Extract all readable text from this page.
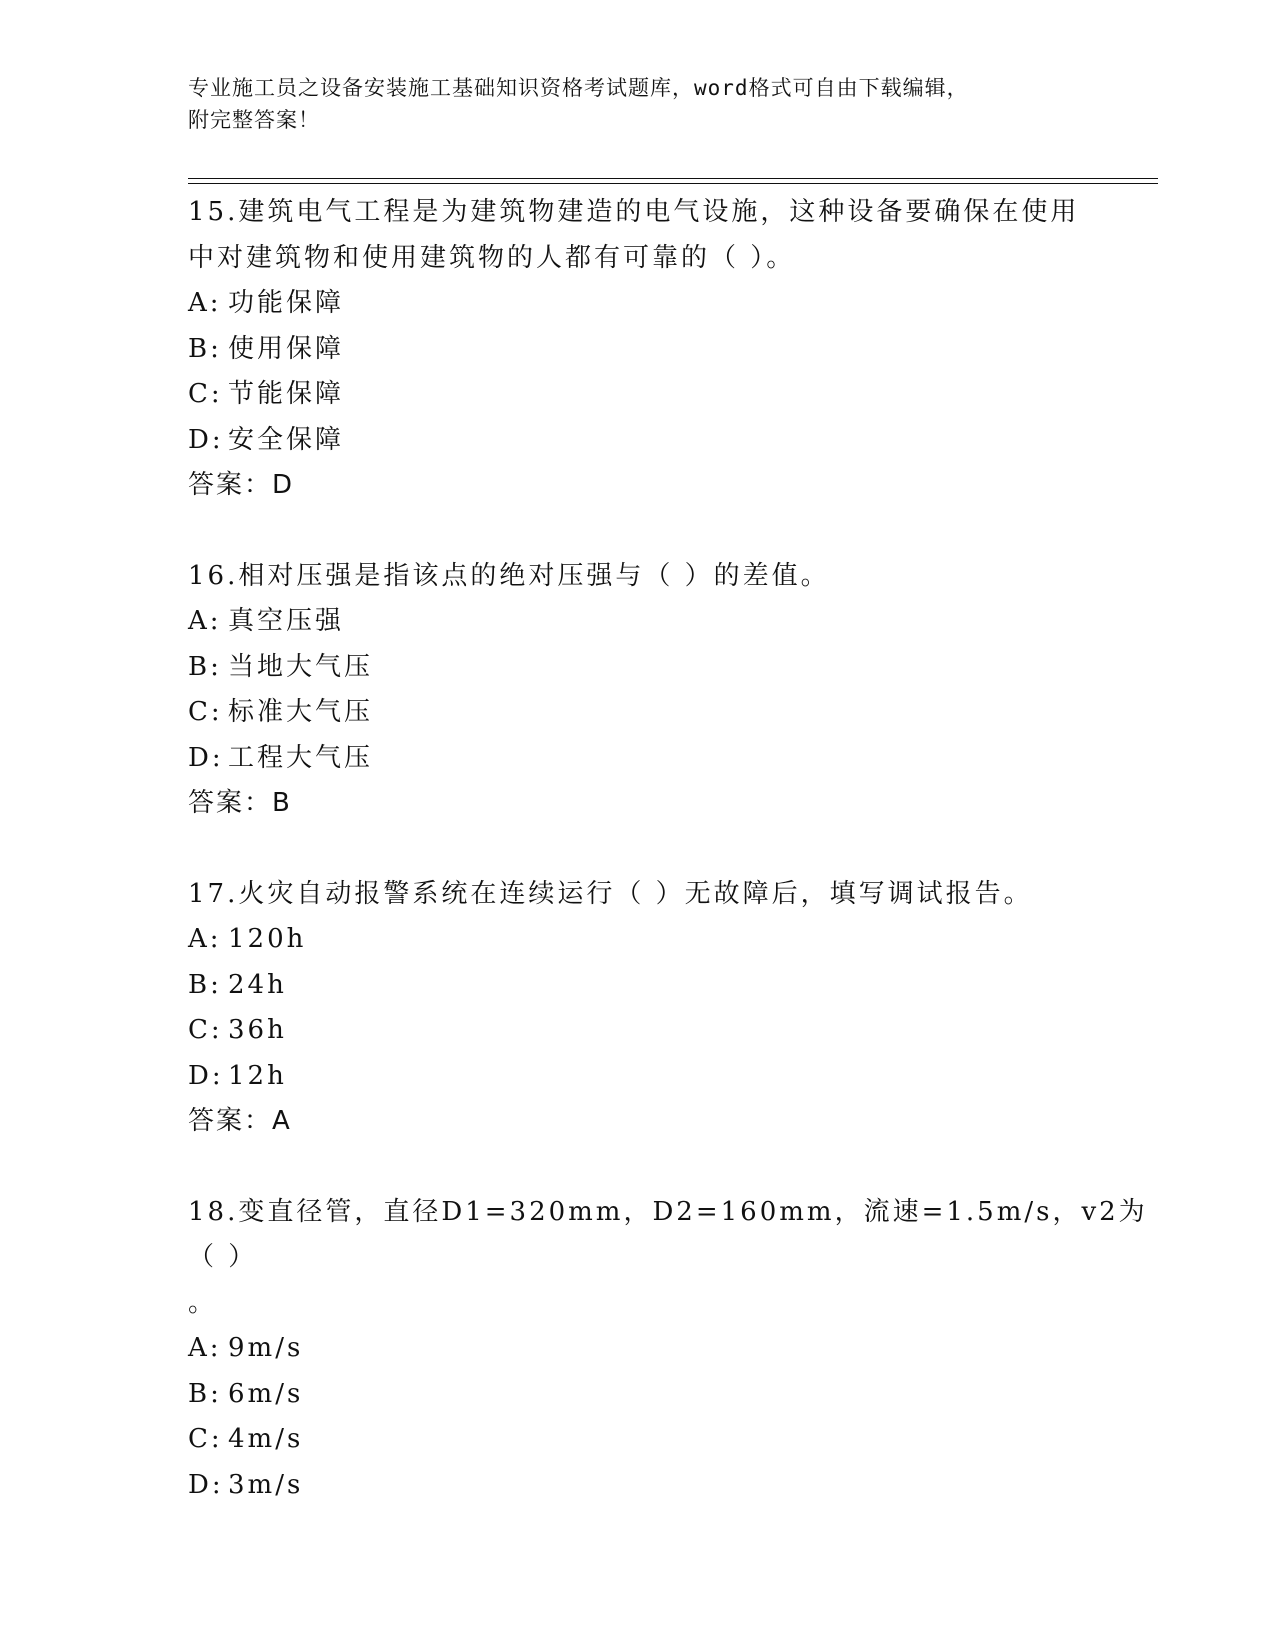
专业施工员之设备安装施工基础知识资格考试题库，word格式可自由下载编辑，
附完整答案！

15.建筑电气工程是为建筑物建造的电气设施，这种设备要确保在使用

中对建筑物和使用建筑物的人都有可靠的（ ）。

A: 功能保障

B: 使用保障

C: 节能保障

D: 安全保障

答案：D

16.相对压强是指该点的绝对压强与（ ）的差值。

A: 真空压强

B: 当地大气压

C: 标准大气压

D: 工程大气压

答案：B

17.火灾自动报警系统在连续运行（ ）无故障后，填写调试报告。

A: 120h

B: 24h

C: 36h

D: 12h

答案：A

18.变直径管，直径D1=320mm，D2=160mm，流速=1.5m/s，v2为（ ）

。

A: 9m/s

B: 6m/s

C: 4m/s

D: 3m/s
